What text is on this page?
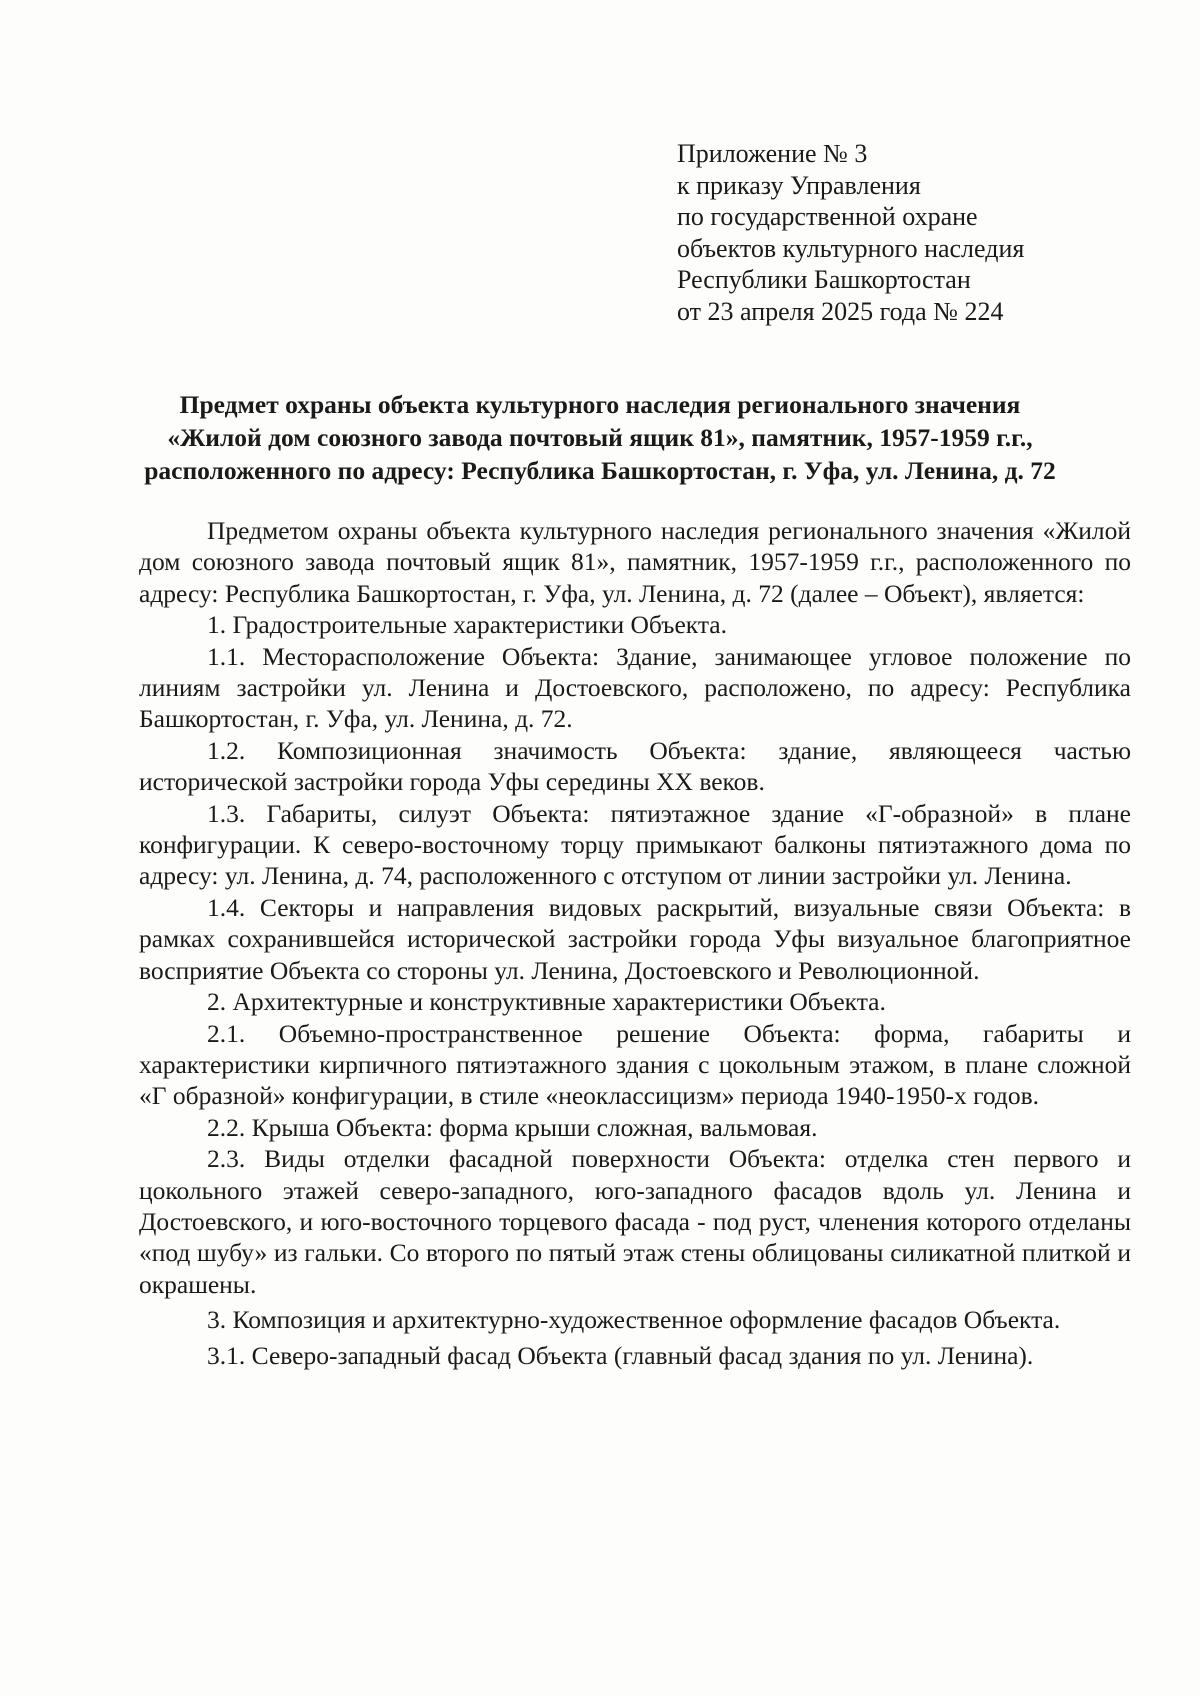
Приложение № 3
к приказу Управления
по государственной охране
объектов культурного наследия
Республики Башкортостан
от 23 апреля 2025 года № 224
Предмет охраны объекта культурного наследия регионального значения
«Жилой дом союзного завода почтовый ящик 81», памятник, 1957-1959 г.г.,
расположенного по адресу: Республика Башкортостан, г. Уфа, ул. Ленина, д. 72

Предметом охраны объекта культурного наследия регионального значения «Жилой дом союзного завода почтовый ящик 81», памятник, 1957-1959 г.г., расположенного по адресу: Республика Башкортостан, г. Уфа, ул. Ленина, д. 72 (далее – Объект), является:

1. Градостроительные характеристики Объекта.

1.1. Месторасположение Объекта: Здание, занимающее угловое положение по линиям застройки ул. Ленина и Достоевского, расположено, по адресу: Республика Башкортостан, г. Уфа, ул. Ленина, д. 72.

1.2. Композиционная значимость Объекта: здание, являющееся частью исторической застройки города Уфы середины XX веков.

1.3. Габариты, силуэт Объекта: пятиэтажное здание «Г-образной» в плане конфигурации. К северо-восточному торцу примыкают балконы пятиэтажного дома по адресу: ул. Ленина, д. 74, расположенного с отступом от линии застройки ул. Ленина.

1.4. Секторы и направления видовых раскрытий, визуальные связи Объекта: в рамках сохранившейся исторической застройки города Уфы визуальное благоприятное восприятие Объекта со стороны ул. Ленина, Достоевского и Революционной.

2. Архитектурные и конструктивные характеристики Объекта.

2.1. Объемно-пространственное решение Объекта: форма, габариты и характеристики кирпичного пятиэтажного здания с цокольным этажом, в плане сложной «Г образной» конфигурации, в стиле «неоклассицизм» периода 1940-1950-х годов.

2.2. Крыша Объекта: форма крыши сложная, вальмовая.

2.3. Виды отделки фасадной поверхности Объекта: отделка стен первого и цокольного этажей северо-западного, юго-западного фасадов вдоль ул. Ленина и Достоевского, и юго-восточного торцевого фасада - под руст, членения которого отделаны «под шубу» из гальки. Со второго по пятый этаж стены облицованы силикатной плиткой и окрашены.

3. Композиция и архитектурно-художественное оформление фасадов Объекта.

3.1. Северо-западный фасад Объекта (главный фасад здания по ул. Ленина).
